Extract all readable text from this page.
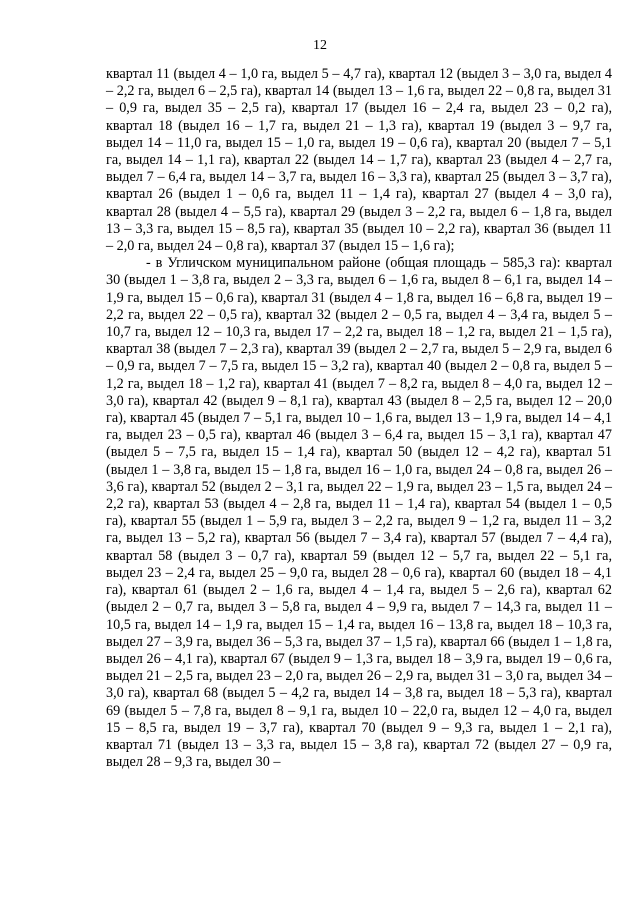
12

квартал 11 (выдел 4 – 1,0 га, выдел 5 – 4,7 га), квартал 12 (выдел 3 – 3,0 га, выдел 4 – 2,2 га, выдел 6 – 2,5 га), квартал 14 (выдел 13 – 1,6 га, выдел 22 – 0,8 га, выдел 31 – 0,9 га, выдел 35 – 2,5 га), квартал 17 (выдел 16 – 2,4 га, выдел 23 – 0,2 га), квартал 18 (выдел 16 – 1,7 га, выдел 21 – 1,3 га), квартал 19 (выдел 3 – 9,7 га, выдел 14 – 11,0 га, выдел 15 – 1,0 га, выдел 19 – 0,6 га), квартал 20 (выдел 7 – 5,1 га, выдел 14 – 1,1 га), квартал 22 (выдел 14 – 1,7 га), квартал 23 (выдел 4 – 2,7 га, выдел 7 – 6,4 га, выдел 14 – 3,7 га, выдел 16 – 3,3 га), квартал 25 (выдел 3 – 3,7 га), квартал 26 (выдел 1 – 0,6 га, выдел 11 – 1,4 га), квартал 27 (выдел 4 – 3,0 га), квартал 28 (выдел 4 – 5,5 га), квартал 29 (выдел 3 – 2,2 га, выдел 6 – 1,8 га, выдел 13 – 3,3 га, выдел 15 – 8,5 га), квартал 35 (выдел 10 – 2,2 га), квартал 36 (выдел 11 – 2,0 га, выдел 24 – 0,8 га), квартал 37 (выдел 15 – 1,6 га);

- в Угличском муниципальном районе (общая площадь – 585,3 га): квартал 30 (выдел 1 – 3,8 га, выдел 2 – 3,3 га, выдел 6 – 1,6 га, выдел 8 – 6,1 га, выдел 14 – 1,9 га, выдел 15 – 0,6 га), квартал 31 (выдел 4 – 1,8 га, выдел 16 – 6,8 га, выдел 19 – 2,2 га, выдел 22 – 0,5 га), квартал 32 (выдел 2 – 0,5 га, выдел 4 – 3,4 га, выдел 5 – 10,7 га, выдел 12 – 10,3 га, выдел 17 – 2,2 га, выдел 18 – 1,2 га, выдел 21 – 1,5 га), квартал 38 (выдел 7 – 2,3 га), квартал 39 (выдел 2 – 2,7 га, выдел 5 – 2,9 га, выдел 6 – 0,9 га, выдел 7 – 7,5 га, выдел 15 – 3,2 га), квартал 40 (выдел 2 – 0,8 га, выдел 5 – 1,2 га, выдел 18 – 1,2 га), квартал 41 (выдел 7 – 8,2 га, выдел 8 – 4,0 га, выдел 12 – 3,0 га), квартал 42 (выдел 9 – 8,1 га), квартал 43 (выдел 8 – 2,5 га, выдел 12 – 20,0 га), квартал 45 (выдел 7 – 5,1 га, выдел 10 – 1,6 га, выдел 13 – 1,9 га, выдел 14 – 4,1 га, выдел 23 – 0,5 га), квартал 46 (выдел 3 – 6,4 га, выдел 15 – 3,1 га), квартал 47 (выдел 5 – 7,5 га, выдел 15 – 1,4 га), квартал 50 (выдел 12 – 4,2 га), квартал 51 (выдел 1 – 3,8 га, выдел 15 – 1,8 га, выдел 16 – 1,0 га, выдел 24 – 0,8 га, выдел 26 – 3,6 га), квартал 52 (выдел 2 – 3,1 га, выдел 22 – 1,9 га, выдел 23 – 1,5 га, выдел 24 – 2,2 га), квартал 53 (выдел 4 – 2,8 га, выдел 11 – 1,4 га), квартал 54 (выдел 1 – 0,5 га), квартал 55 (выдел 1 – 5,9 га, выдел 3 – 2,2 га, выдел 9 – 1,2 га, выдел 11 – 3,2 га, выдел 13 – 5,2 га), квартал 56 (выдел 7 – 3,4 га), квартал 57 (выдел 7 – 4,4 га), квартал 58 (выдел 3 – 0,7 га), квартал 59 (выдел 12 – 5,7 га, выдел 22 – 5,1 га, выдел 23 – 2,4 га, выдел 25 – 9,0 га, выдел 28 – 0,6 га), квартал 60 (выдел 18 – 4,1 га), квартал 61 (выдел 2 – 1,6 га, выдел 4 – 1,4 га, выдел 5 – 2,6 га), квартал 62 (выдел 2 – 0,7 га, выдел 3 – 5,8 га, выдел 4 – 9,9 га, выдел 7 – 14,3 га, выдел 11 – 10,5 га, выдел 14 – 1,9 га, выдел 15 – 1,4 га, выдел 16 – 13,8 га, выдел 18 – 10,3 га, выдел 27 – 3,9 га, выдел 36 – 5,3 га, выдел 37 – 1,5 га), квартал 66 (выдел 1 – 1,8 га, выдел 26 – 4,1 га), квартал 67 (выдел 9 – 1,3 га, выдел 18 – 3,9 га, выдел 19 – 0,6 га, выдел 21 – 2,5 га, выдел 23 – 2,0 га, выдел 26 – 2,9 га, выдел 31 – 3,0 га, выдел 34 – 3,0 га), квартал 68 (выдел 5 – 4,2 га, выдел 14 – 3,8 га, выдел 18 – 5,3 га), квартал 69 (выдел 5 – 7,8 га, выдел 8 – 9,1 га, выдел 10 – 22,0 га, выдел 12 – 4,0 га, выдел 15 – 8,5 га, выдел 19 – 3,7 га), квартал 70 (выдел 9 – 9,3 га, выдел 1 – 2,1 га), квартал 71 (выдел 13 – 3,3 га, выдел 15 – 3,8 га), квартал 72 (выдел 27 – 0,9 га, выдел 28 – 9,3 га, выдел 30 –
